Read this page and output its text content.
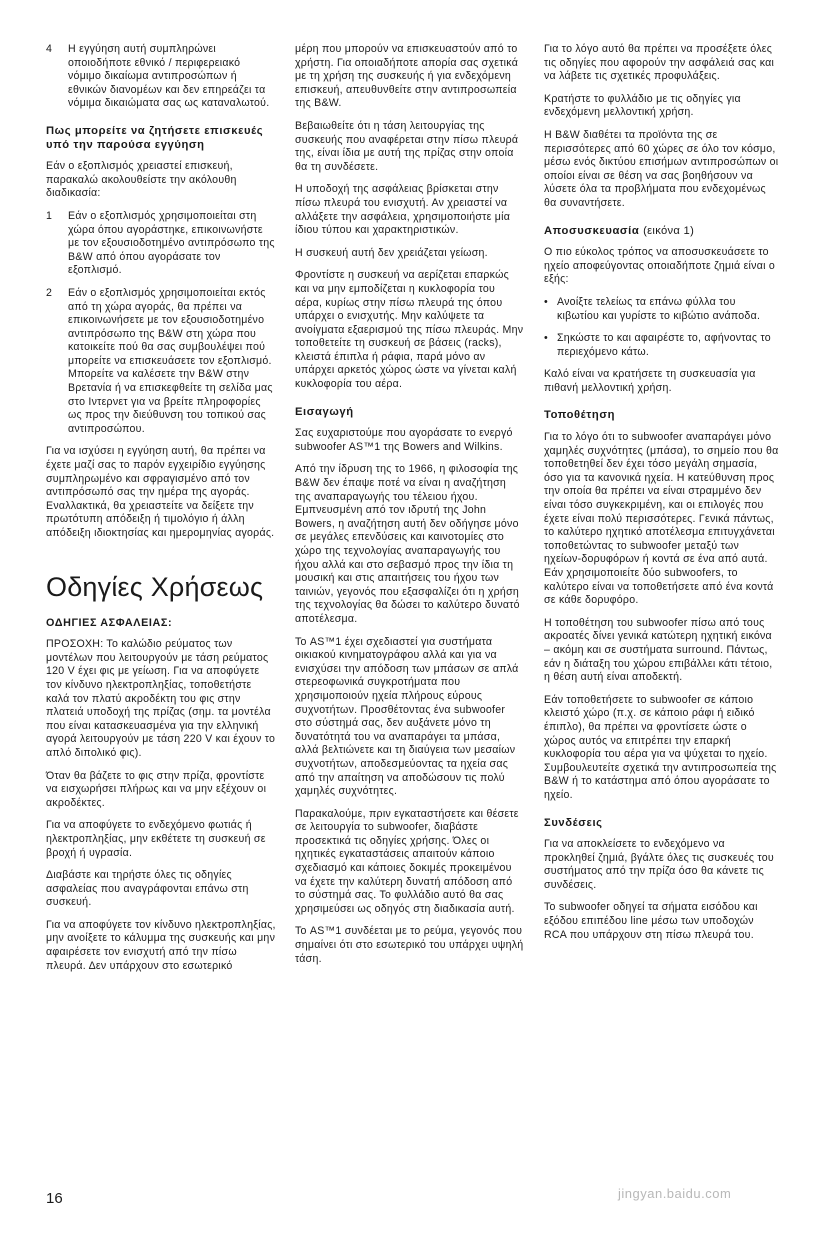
4	Η εγγύηση αυτή συμπληρώνει οποιοδήποτε εθνικό / περιφερειακό νόμιμο δικαίωμα αντιπροσώπων ή εθνικών διανομέων και δεν επηρεάζει τα νόμιμα δικαιώματα σας ως καταναλωτού.
Πως μπορείτε να ζητήσετε επισκευές υπό την παρούσα εγγύηση

Εάν ο εξοπλισμός χρειαστεί επισκευή, παρακαλώ ακολουθείστε την ακόλουθη διαδικασία:

1	Εάν ο εξοπλισμός χρησιμοποιείται στη χώρα όπου αγοράστηκε, επικοινωνήστε με τον εξουσιοδοτημένο αντιπρόσωπο της B&W από όπου αγοράσατε τον εξοπλισμό.
2	Εάν ο εξοπλισμός χρησιμοποιείται εκτός από τη χώρα αγοράς, θα πρέπει να επικοινωνήσετε με τον εξουσιοδοτημένο αντιπρόσωπο της B&W στη χώρα που κατοικείτε πού θα σας συμβουλέψει πού μπορείτε να επισκευάσετε τον εξοπλισμό. Μπορείτε να καλέσετε την B&W στην Βρετανία ή να επισκεφθείτε τη σελίδα μας στο Ιντερνετ για να βρείτε πληροφορίες ως προς την διεύθυνση του τοπικού σας αντιπροσώπου.

Για να ισχύσει η εγγύηση αυτή, θα πρέπει να έχετε μαζί σας το παρόν εγχειρίδιο εγγύησης συμπληρωμένο και σφραγισμένο από τον αντιπρόσωπό σας την ημέρα της αγοράς. Εναλλακτικά, θα χρειαστείτε να δείξετε την πρωτότυπη απόδειξη ή τιμολόγιο ή άλλη απόδειξη ιδιοκτησίας και ημερομηνίας αγοράς.

Οδηγίες Χρήσεως
ΟΔΗΓΙΕΣ ΑΣΦΑΛΕΙΑΣ:

ΠΡΟΣΟΧΗ: Το καλώδιο ρεύματος των μοντέλων που λειτουργούν με τάση ρεύματος 120 V έχει φις με γείωση. Για να αποφύγετε τον κίνδυνο ηλεκτροπληξίας, τοποθετήστε καλά τον πλατύ ακροδέκτη του φις στην πλατειά υποδοχή της πρίζας (σημ. τα μοντέλα που είναι κατασκευασμένα για την ελληνική αγορά λειτουργούν με τάση 220 V και έχουν το απλό διπολικό φις).

Όταν θα βάζετε το φις στην πρίζα, φροντίστε να εισχωρήσει πλήρως και να μην εξέχουν οι ακροδέκτες.

Για να αποφύγετε το ενδεχόμενο φωτιάς ή ηλεκτροπληξίας, μην εκθέτετε τη συσκευή σε βροχή ή υγρασία.

Διαβάστε και τηρήστε όλες τις οδηγίες ασφαλείας που αναγράφονται επάνω στη συσκευή.

Για να αποφύγετε τον κίνδυνο ηλεκτροπληξίας, μην ανοίξετε το κάλυμμα της συσκευής και μην αφαιρέσετε τον ενισχυτή από την πίσω πλευρά. Δεν υπάρχουν στο εσωτερικό

μέρη που μπορούν να επισκευαστούν από το χρήστη. Για οποιαδήποτε απορία σας σχετικά με τη χρήση της συσκευής ή για ενδεχόμενη επισκευή, απευθυνθείτε στην αντιπροσωπεία της B&W.

Βεβαιωθείτε ότι η τάση λειτουργίας της συσκευής που αναφέρεται στην πίσω πλευρά της, είναι ίδια με αυτή της πρίζας στην οποία θα τη συνδέσετε.

Η υποδοχή της ασφάλειας βρίσκεται στην πίσω πλευρά του ενισχυτή. Αν χρειαστεί να αλλάξετε την ασφάλεια, χρησιμοποιήστε μία ίδιου τύπου και χαρακτηριστικών.

Η συσκευή αυτή δεν χρειάζεται γείωση.

Φροντίστε η συσκευή να αερίζεται επαρκώς και να μην εμποδίζεται η κυκλοφορία του αέρα, κυρίως στην πίσω πλευρά της όπου υπάρχει ο ενισχυτής. Μην καλύψετε τα ανοίγματα εξαερισμού της πίσω πλευράς. Μην τοποθετείτε τη συσκευή σε βάσεις (racks), κλειστά έπιπλα ή ράφια, παρά μόνο αν υπάρχει αρκετός χώρος ώστε να γίνεται καλή κυκλοφορία του αέρα.

Εισαγωγή

Σας ευχαριστούμε που αγοράσατε το ενεργό subwoofer AS™1 της Bowers and Wilkins.

Από την ίδρυση της το 1966, η φιλοσοφία της B&W δεν έπαψε ποτέ να είναι η αναζήτηση της αναπαραγωγής του τέλειου ήχου. Εμπνευσμένη από τον ιδρυτή της John Bowers, η αναζήτηση αυτή δεν οδήγησε μόνο σε μεγάλες επενδύσεις και καινοτομίες στο χώρο της τεχνολογίας αναπαραγωγής του ήχου αλλά και στο σεβασμό προς την ίδια τη μουσική και στις απαιτήσεις του ήχου των ταινιών, γεγονός που εξασφαλίζει ότι η χρήση της τεχνολογίας θα δώσει το καλύτερο δυνατό αποτέλεσμα.

Το AS™1 έχει σχεδιαστεί για συστήματα οικιακού κινηματογράφου αλλά και για να ενισχύσει την απόδοση των μπάσων σε απλά στερεοφωνικά συγκροτήματα που χρησιμοποιούν ηχεία πλήρους εύρους συχνοτήτων. Προσθέτοντας ένα subwoofer στο σύστημά σας, δεν αυξάνετε μόνο τη δυνατότητά του να αναπαράγει τα μπάσα, αλλά βελτιώνετε και τη διαύγεια των μεσαίων συχνοτήτων, αποδεσμεύοντας τα ηχεία σας από την απαίτηση να αποδώσουν τις πολύ χαμηλές συχνότητες.

Παρακαλούμε, πριν εγκαταστήσετε και θέσετε σε λειτουργία το subwoofer, διαβάστε προσεκτικά τις οδηγίες χρήσης. Όλες οι ηχητικές εγκαταστάσεις απαιτούν κάποιο σχεδιασμό και κάποιες δοκιμές προκειμένου να έχετε την καλύτερη δυνατή απόδοση από το σύστημά σας. Το φυλλάδιο αυτό θα σας χρησιμεύσει ως οδηγός στη διαδικασία αυτή.

Το AS™1 συνδέεται με το ρεύμα, γεγονός που σημαίνει ότι στο εσωτερικό του υπάρχει υψηλή τάση.

Για το λόγο αυτό θα πρέπει να προσέξετε όλες τις οδηγίες που αφορούν την ασφάλειά σας και να λάβετε τις σχετικές προφυλάξεις.

Κρατήστε το φυλλάδιο με τις οδηγίες για ενδεχόμενη μελλοντική χρήση.

Η B&W διαθέτει τα προϊόντα της σε περισσότερες από 60 χώρες σε όλο τον κόσμο, μέσω ενός δικτύου επισήμων αντιπροσώπων οι οποίοι είναι σε θέση να σας βοηθήσουν να λύσετε όλα τα προβλήματα που ενδεχομένως θα συναντήσετε.

Αποσυσκευασία (εικόνα 1)

Ο πιο εύκολος τρόπος να αποσυσκευάσετε το ηχείο αποφεύγοντας οποιαδήποτε ζημιά είναι ο εξής:

• Ανοίξτε τελείως τα επάνω φύλλα του κιβωτίου και γυρίστε το κιβώτιο ανάποδα.
• Σηκώστε το και αφαιρέστε το, αφήνοντας το περιεχόμενο κάτω.

Καλό είναι να κρατήσετε τη συσκευασία για πιθανή μελλοντική χρήση.

Τοποθέτηση

Για το λόγο ότι το subwoofer αναπαράγει μόνο χαμηλές συχνότητες (μπάσα), το σημείο που θα τοποθετηθεί δεν έχει τόσο μεγάλη σημασία, όσο για τα κανονικά ηχεία. Η κατεύθυνση προς την οποία θα πρέπει να είναι στραμμένο δεν είναι τόσο συγκεκριμένη, και οι επιλογές που έχετε είναι πολύ περισσότερες. Γενικά πάντως, το καλύτερο ηχητικό αποτέλεσμα επιτυγχάνεται τοποθετώντας το subwoofer μεταξύ των ηχείων-δορυφόρων ή κοντά σε ένα από αυτά. Εάν χρησιμοποιείτε δύο subwoofers, το καλύτερο είναι να τοποθετήσετε από ένα κοντά σε κάθε δορυφόρο.

Η τοποθέτηση του subwoofer πίσω από τους ακροατές δίνει γενικά κατώτερη ηχητική εικόνα – ακόμη και σε συστήματα surround. Πάντως, εάν η διάταξη του χώρου επιβάλλει κάτι τέτοιο, η θέση αυτή είναι αποδεκτή.

Εάν τοποθετήσετε το subwoofer σε κάποιο κλειστό χώρο (π.χ. σε κάποιο ράφι ή ειδικό έπιπλο), θα πρέπει να φροντίσετε ώστε ο χώρος αυτός να επιτρέπει την επαρκή κυκλοφορία του αέρα για να ψύχεται το ηχείο. Συμβουλευτείτε σχετικά την αντιπροσωπεία της B&W ή το κατάστημα από όπου αγοράσατε το ηχείο.

Συνδέσεις

Για να αποκλείσετε το ενδεχόμενο να προκληθεί ζημιά, βγάλτε όλες τις συσκευές του συστήματος από την πρίζα όσο θα κάνετε τις συνδέσεις.

Το subwoofer οδηγεί τα σήματα εισόδου και εξόδου επιπέδου line μέσω των υποδοχών RCA που υπάρχουν στη πίσω πλευρά του.

16	jingyan.baidu.com
